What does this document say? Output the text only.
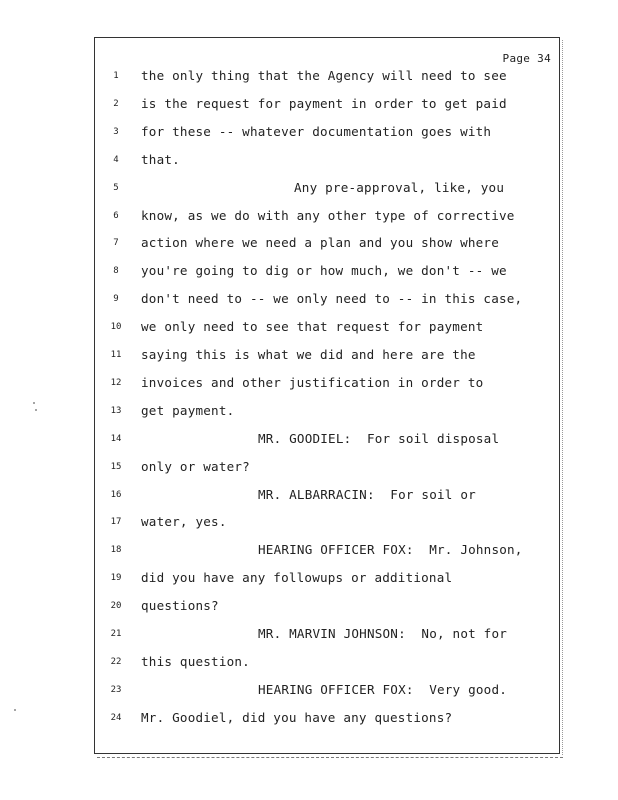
Page 34
1	the only thing that the Agency will need to see
2	is the request for payment in order to get paid
3	for these -- whatever documentation goes with
4	that.
5	Any pre-approval, like, you
6	know, as we do with any other type of corrective
7	action where we need a plan and you show where
8	you're going to dig or how much, we don't -- we
9	don't need to -- we only need to -- in this case,
10	we only need to see that request for payment
11	saying this is what we did and here are the
12	invoices and other justification in order to
13	get payment.
14	MR. GOODIEL:  For soil disposal
15	only or water?
16	MR. ALBARRACIN:  For soil or
17	water, yes.
18	HEARING OFFICER FOX:  Mr. Johnson,
19	did you have any followups or additional
20	questions?
21	MR. MARVIN JOHNSON:  No, not for
22	this question.
23	HEARING OFFICER FOX:  Very good.
24	Mr. Goodiel, did you have any questions?
